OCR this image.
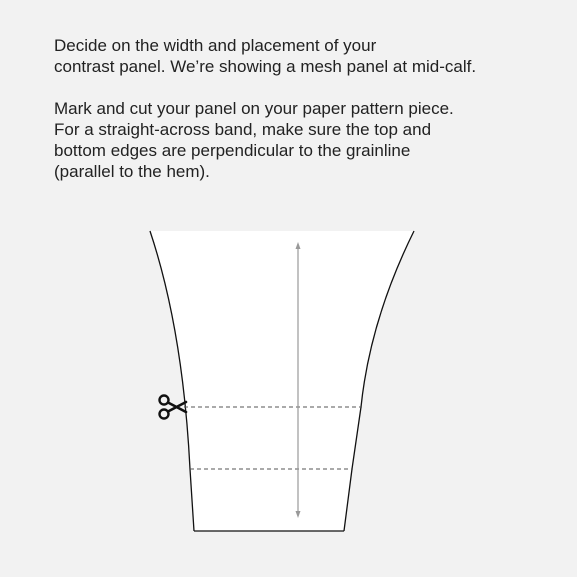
Decide on the width and placement of your
contrast panel. We’re showing a mesh panel at mid-calf.

Mark and cut your panel on your paper pattern piece.
For a straight-across band, make sure the top and
bottom edges are perpendicular to the grainline
(parallel to the hem).
